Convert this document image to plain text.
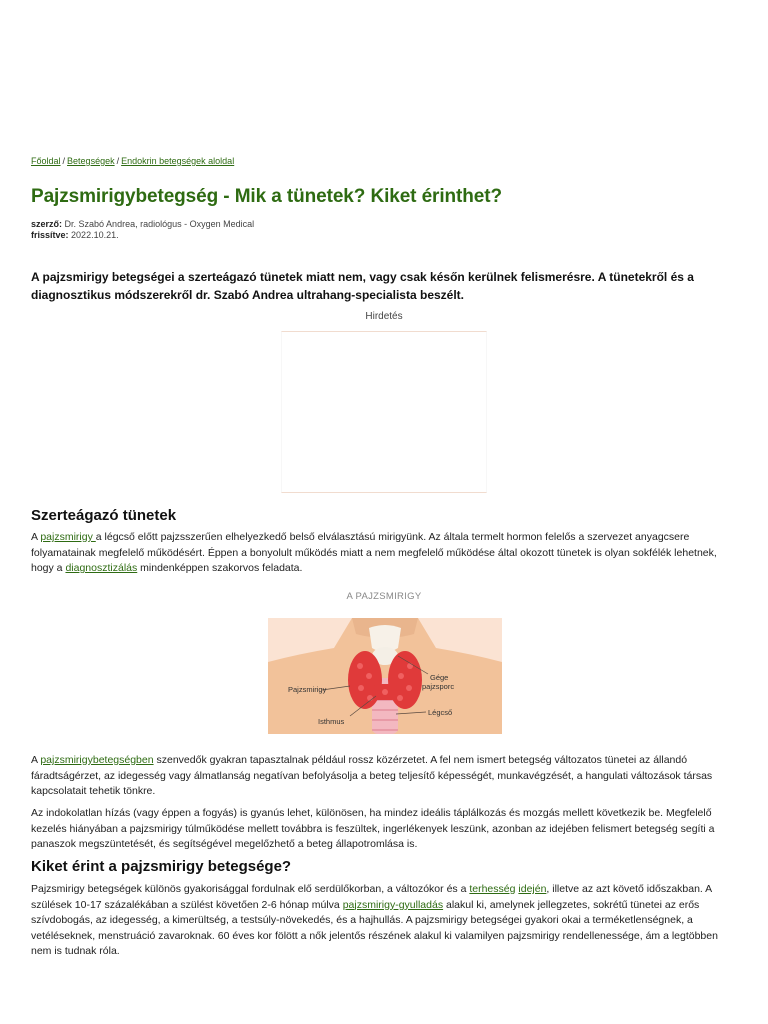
Főoldal / Betegségek / Endokrin betegségek aloldal
Pajzsmirigybetegség - Mik a tünetek? Kiket érinthet?
szerző: Dr. Szabó Andrea, radiológus - Oxygen Medical
frissítve: 2022.10.21.

A pajzsmirigy betegségei a szerteágazó tünetek miatt nem, vagy csak későn kerülnek felismerésre. A tünetekről és a diagnosztikus módszerekről dr. Szabó Andrea ultrahang-specialista beszélt.

Hirdetés
Szerteágazó tünetek

A pajzsmirigy a légcső előtt pajzsszerűen elhelyezkedő belső elválasztású mirigyünk. Az általa termelt hormon felelős a szervezet anyagcsere folyamatainak megfelelő működésért. Éppen a bonyolult működés miatt a nem megfelelő működése által okozott tünetek is olyan sokfélék lehetnek, hogy a diagnosztizálás mindenképpen szakorvos feladata.

A PAJZSMIRIGY
Pajzsmirigy
Isthmus
Gége
pajzsporc
Légcső

A pajzsmirigybetegségben szenvedők gyakran tapasztalnak például rossz közérzetet. A fel nem ismert betegség változatos tünetei az állandó fáradtságérzet, az idegesség vagy álmatlanság negatívan befolyásolja a beteg teljesítő képességét, munkavégzését, a hangulati változások társas kapcsolatait tehetik tönkre.

Az indokolatlan hízás (vagy éppen a fogyás) is gyanús lehet, különösen, ha mindez ideális táplálkozás és mozgás mellett következik be. Megfelelő kezelés hiányában a pajzsmirigy túlműködése mellett továbbra is feszültek, ingerlékenyek leszünk, azonban az idejében felismert betegség segíti a panaszok megszüntetését, és segítségével megelőzhető a beteg állapotromlása is.

Kiket érint a pajzsmirigy betegsége?

Pajzsmirigy betegségek különös gyakorisággal fordulnak elő serdülőkorban, a változókor és a terhesség idején, illetve az azt követő időszakban. A szülések 10-17 százalékában a szülést követően 2-6 hónap múlva pajzsmirigy-gyulladás alakul ki, amelynek jellegzetes, sokrétű tünetei az erős szívdobogás, az idegesség, a kimerültség, a testsúly-növekedés, és a hajhullás. A pajzsmirigy betegségei gyakori okai a terméketlenségnek, a vetéléseknek, menstruáció zavaroknak. 60 éves kor fölött a nők jelentős részének alakul ki valamilyen pajzsmirigy rendellenessége, ám a legtöbben nem is tudnak róla.
